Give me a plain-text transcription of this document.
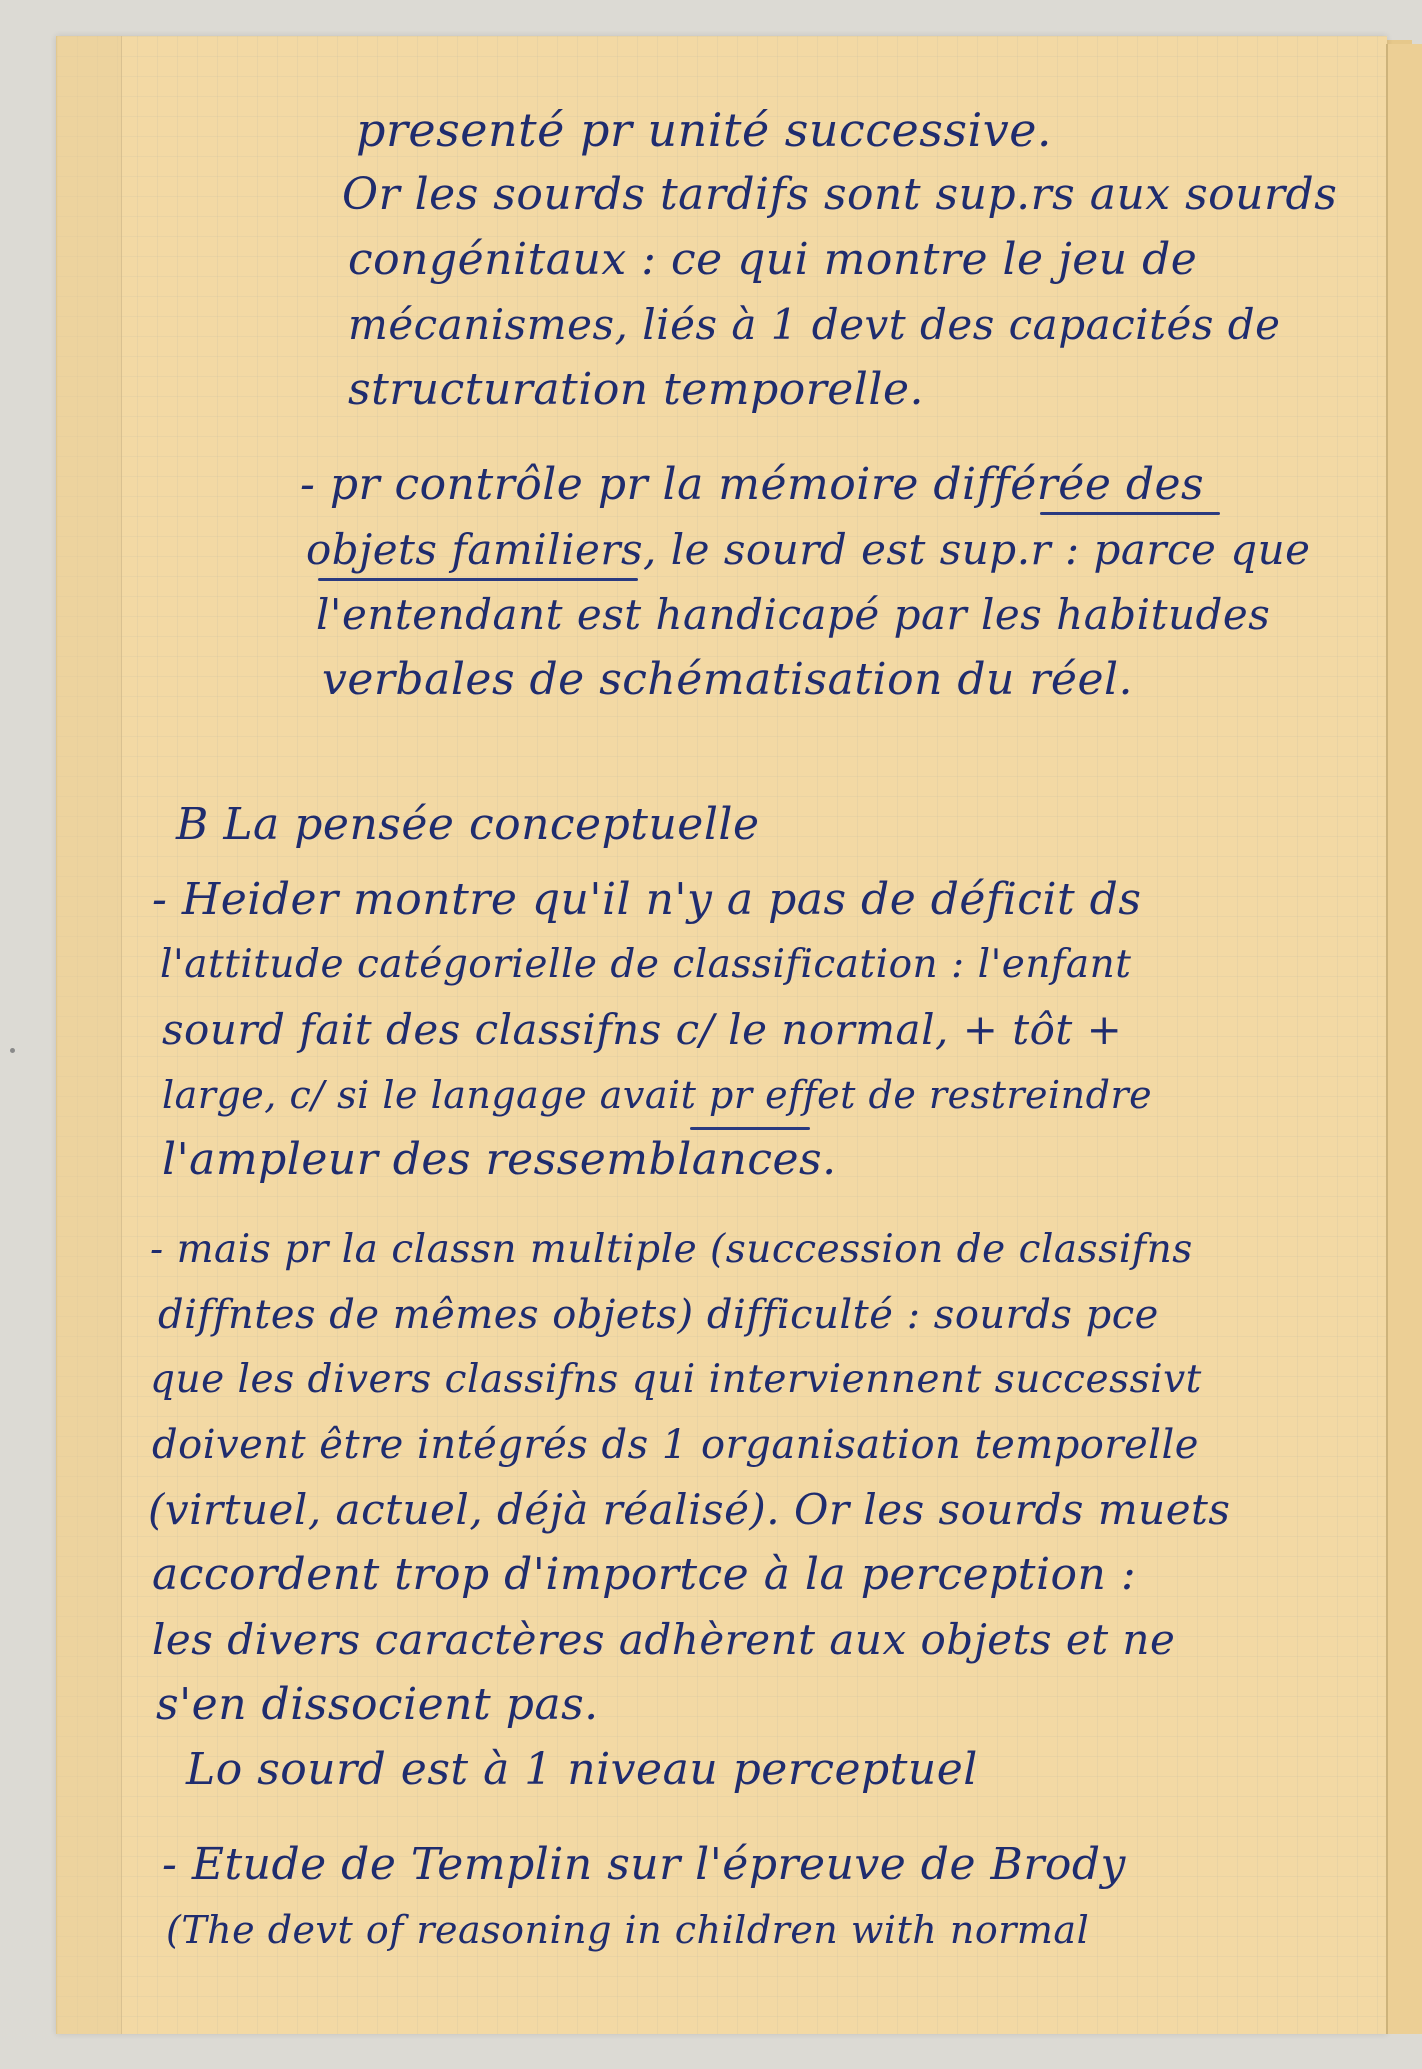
presenté pr unité successive.

Or les sourds tardifs sont sup.rs aux sourds

congénitaux : ce qui montre le jeu de

mécanismes, liés à 1 devt des capacités de

structuration temporelle.

- pr contrôle pr la mémoire différée des

objets familiers, le sourd est sup.r : parce que

l'entendant est handicapé par les habitudes

verbales de schématisation du réel.

B La pensée conceptuelle

- Heider montre qu'il n'y a pas de déficit ds

l'attitude catégorielle de classification : l'enfant

sourd fait des classifns c/ le normal, + tôt +

large, c/ si le langage avait pr effet de restreindre

l'ampleur des ressemblances.

- mais pr la classn multiple (succession de classifns

diffntes de mêmes objets) difficulté : sourds pce

que les divers classifns qui interviennent successivt

doivent être intégrés ds 1 organisation temporelle

(virtuel, actuel, déjà réalisé). Or les sourds muets

accordent trop d'importce à la perception :

les divers caractères adhèrent aux objets et ne

s'en dissocient pas.

Lo sourd est à 1 niveau perceptuel

- Etude de Templin sur l'épreuve de Brody

(The devt of reasoning in children with normal
